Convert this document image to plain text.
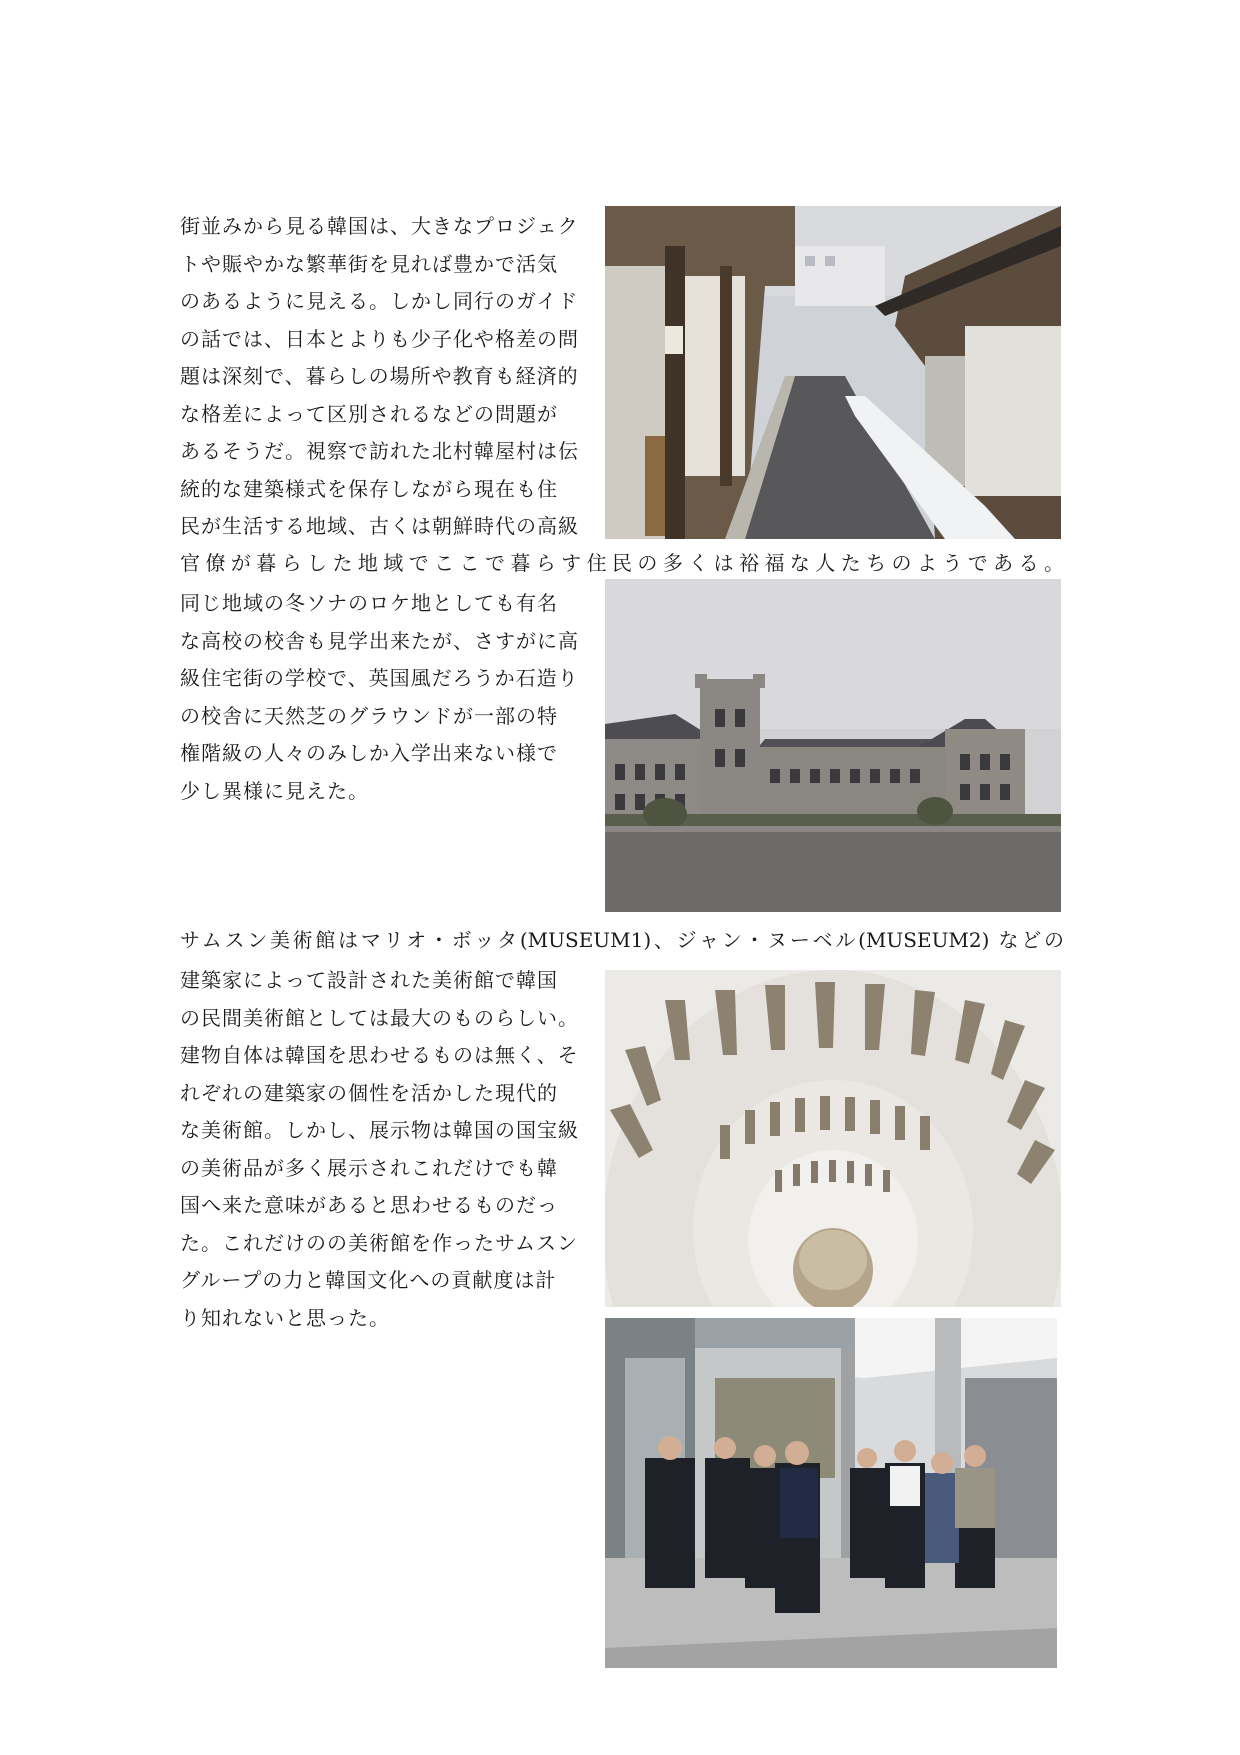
街並みから見る韓国は、大きなプロジェク
トや賑やかな繁華街を見れば豊かで活気
のあるように見える。しかし同行のガイド
の話では、日本とよりも少子化や格差の問
題は深刻で、暮らしの場所や教育も経済的
な格差によって区別されるなどの問題が
あるそうだ。視察で訪れた北村韓屋村は伝
統的な建築様式を保存しながら現在も住
民が生活する地域、古くは朝鮮時代の高級

官僚が暮らした地域でここで暮らす住民の多くは裕福な人たちのようである。

同じ地域の冬ソナのロケ地としても有名
な高校の校舎も見学出来たが、さすがに高
級住宅街の学校で、英国風だろうか石造り
の校舎に天然芝のグラウンドが一部の特
権階級の人々のみしか入学出来ない様で
少し異様に見えた。

サムスン美術館はマリオ・ボッタ(MUSEUM1)、ジャン・ヌーベル(MUSEUM2) などの

建築家によって設計された美術館で韓国
の民間美術館としては最大のものらしい。
建物自体は韓国を思わせるものは無く、そ
れぞれの建築家の個性を活かした現代的
な美術館。しかし、展示物は韓国の国宝級
の美術品が多く展示されこれだけでも韓
国へ来た意味があると思わせるものだっ
た。これだけのの美術館を作ったサムスン
グループの力と韓国文化への貢献度は計
り知れないと思った。
